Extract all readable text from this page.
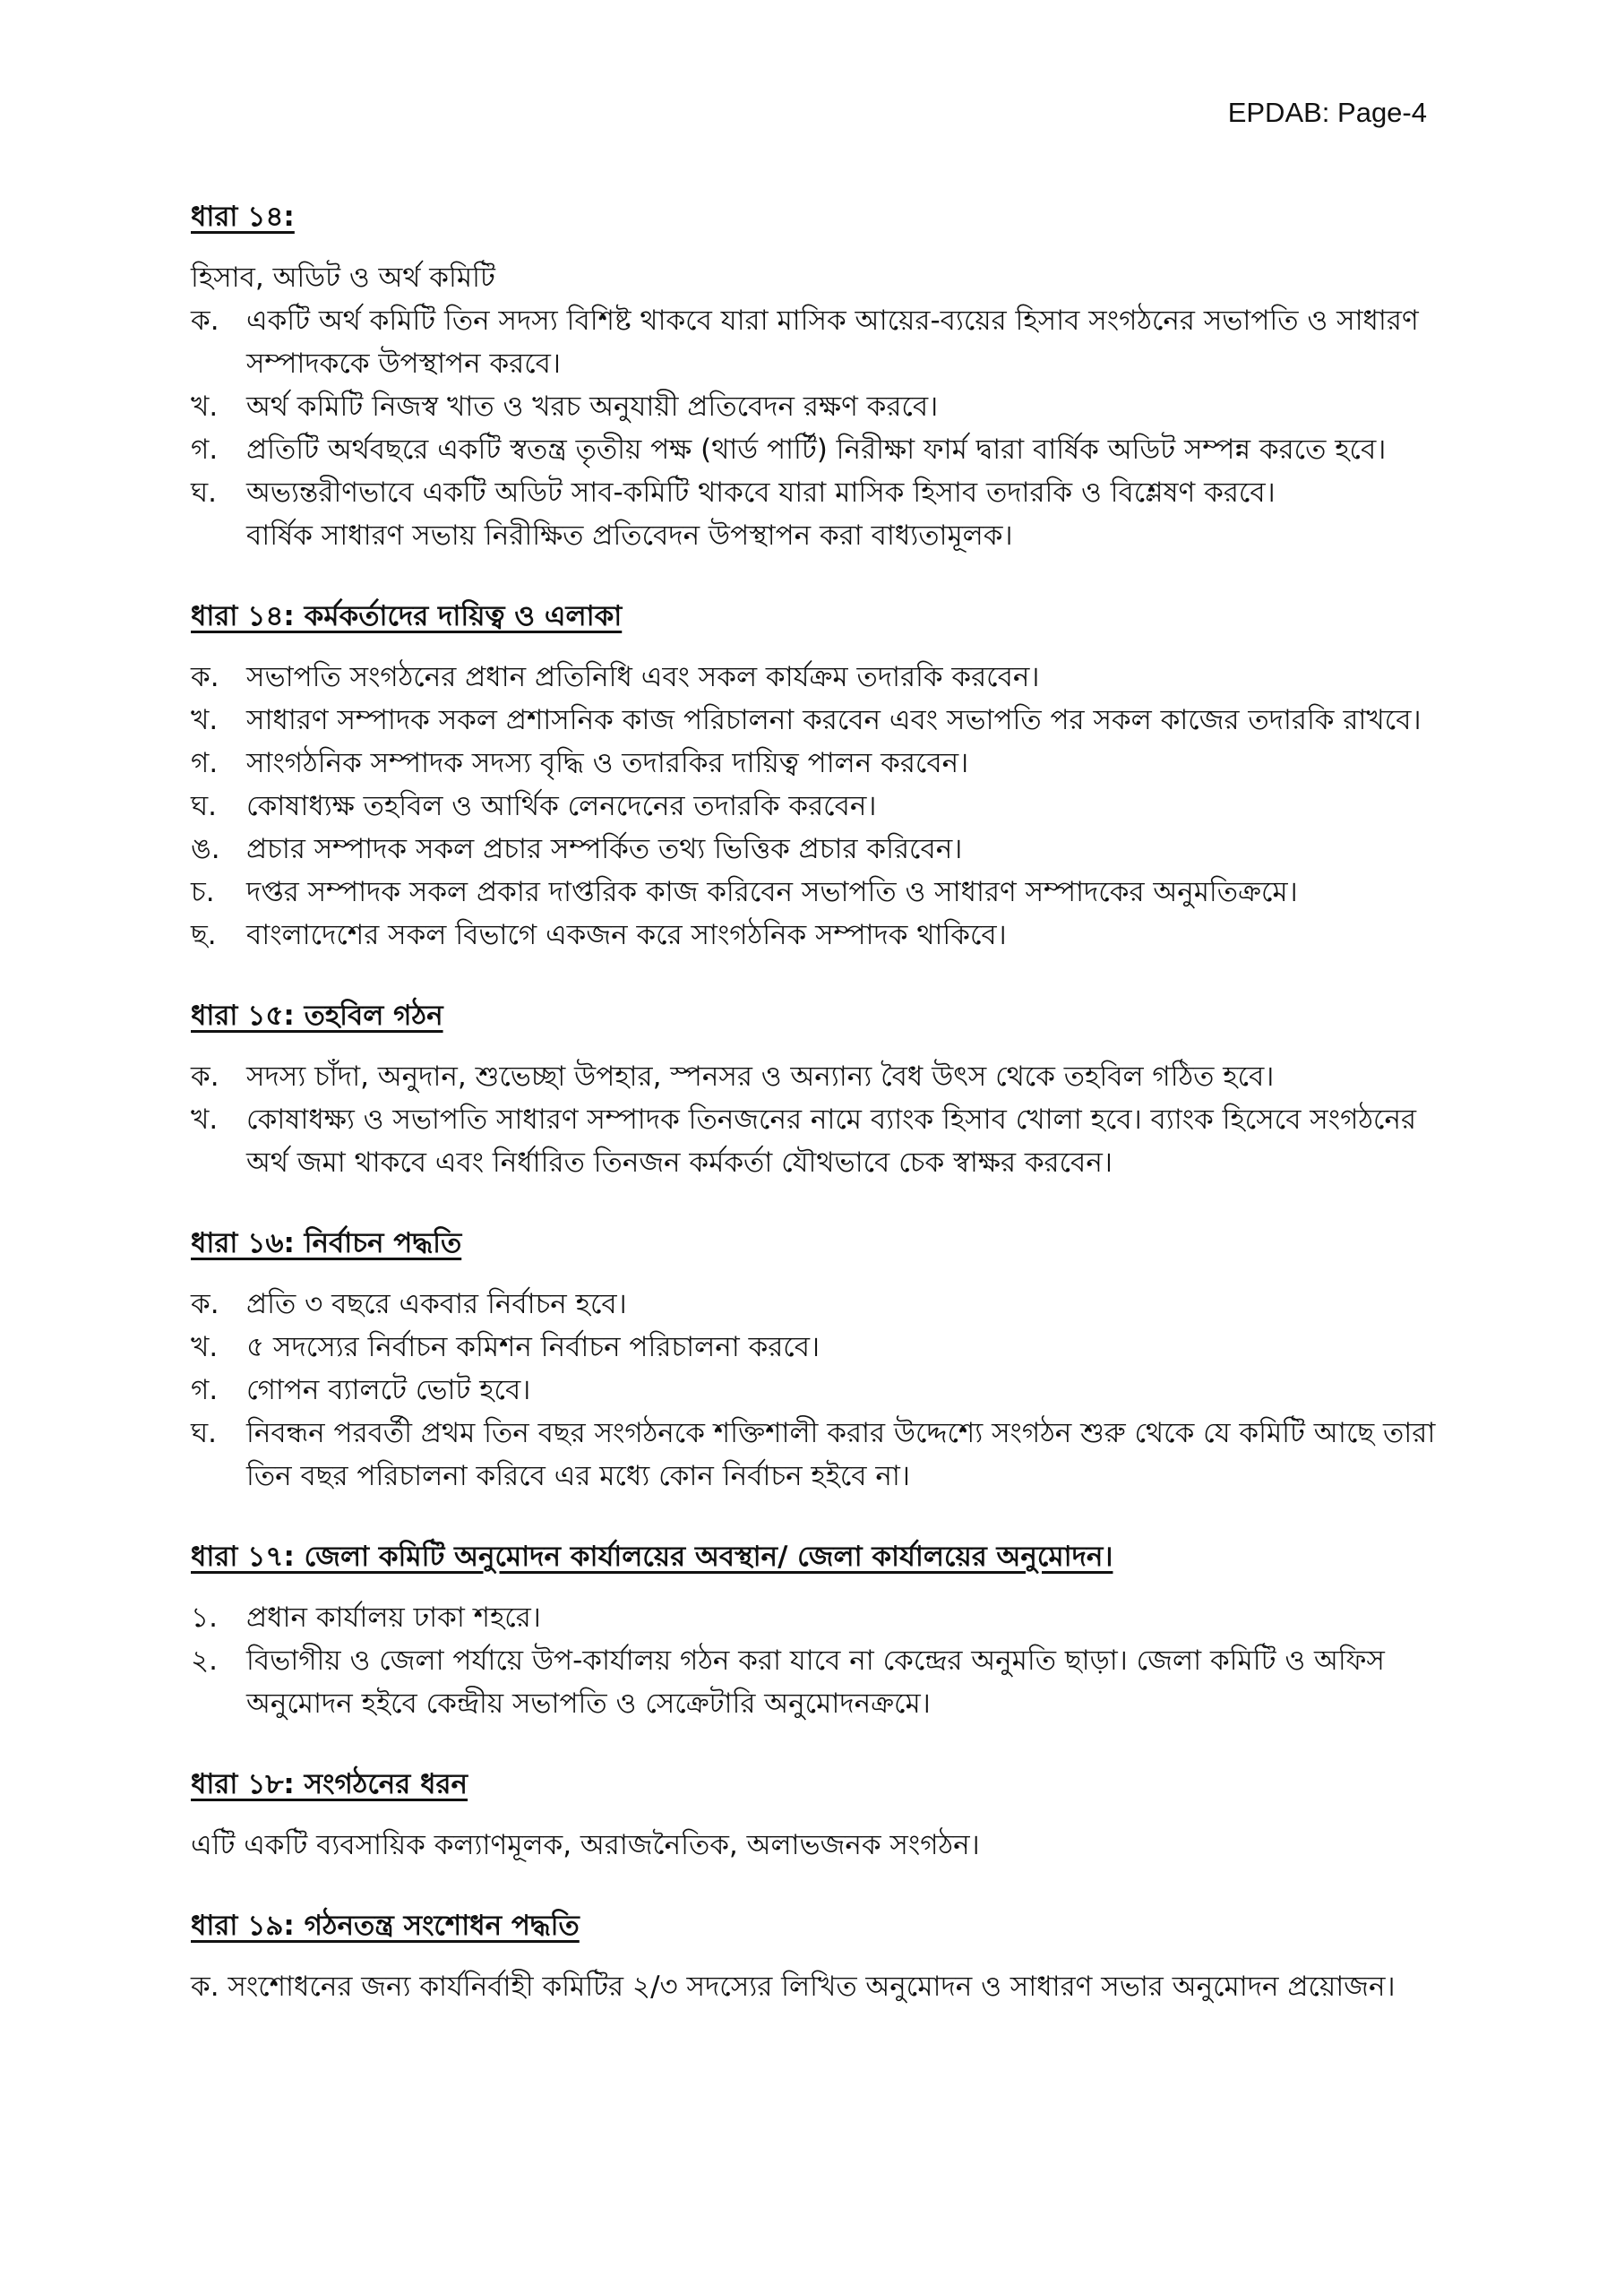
EPDAB: Page-4
ধারা ১৪:

হিসাব, অডিট ও অর্থ কমিটি

ক. একটি অর্থ কমিটি তিন সদস্য বিশিষ্ট থাকবে যারা মাসিক আয়ের-ব্যয়ের হিসাব সংগঠনের সভাপতি ও সাধারণ সম্পাদককে উপস্থাপন করবে।
খ.	অর্থ কমিটি নিজস্ব খাত ও খরচ অনুযায়ী প্রতিবেদন রক্ষণ করবে।
গ.	প্রতিটি অর্থবছরে একটি স্বতন্ত্র তৃতীয় পক্ষ (থার্ড পার্টি) নিরীক্ষা ফার্ম দ্বারা বার্ষিক অডিট সম্পন্ন করতে হবে।
ঘ.	অভ্যন্তরীণভাবে একটি অডিট সাব-কমিটি থাকবে যারা মাসিক হিসাব তদারকি ও বিশ্লেষণ করবে।
বার্ষিক সাধারণ সভায় নিরীক্ষিত প্রতিবেদন উপস্থাপন করা বাধ্যতামূলক।
ধারা ১৪: কর্মকর্তাদের দায়িত্ব ও এলাকা
ক. সভাপতি সংগঠনের প্রধান প্রতিনিধি এবং সকল কার্যক্রম তদারকি করবেন।
খ.	সাধারণ সম্পাদক সকল প্রশাসনিক কাজ পরিচালনা করবেন এবং সভাপতি পর সকল কাজের তদারকি রাখবে।
গ.	সাংগঠনিক সম্পাদক সদস্য বৃদ্ধি ও তদারকির দায়িত্ব পালন করবেন।
ঘ.	কোষাধ্যক্ষ তহবিল ও আর্থিক লেনদেনের তদারকি করবেন।
ঙ. প্রচার সম্পাদক সকল প্রচার সম্পর্কিত তথ্য ভিত্তিক প্রচার করিবেন।
চ.	দপ্তর সম্পাদক সকল প্রকার দাপ্তরিক কাজ করিবেন সভাপতি ও সাধারণ সম্পাদকের অনুমতিক্রমে।
ছ.	বাংলাদেশের সকল বিভাগে একজন করে সাংগঠনিক সম্পাদক থাকিবে।
ধারা ১৫: তহবিল গঠন
ক. সদস্য চাঁদা, অনুদান, শুভেচ্ছা উপহার, স্পনসর ও অন্যান্য বৈধ উৎস থেকে তহবিল গঠিত হবে।
খ.	কোষাধক্ষ্য ও সভাপতি সাধারণ সম্পাদক তিনজনের নামে ব্যাংক হিসাব খোলা হবে। ব্যাংক হিসেবে সংগঠনের অর্থ জমা থাকবে এবং নির্ধারিত তিনজন কর্মকর্তা যৌথভাবে চেক স্বাক্ষর করবেন।
ধারা ১৬: নির্বাচন পদ্ধতি
ক. প্রতি ৩ বছরে একবার নির্বাচন হবে।
খ.	৫ সদস্যের নির্বাচন কমিশন নির্বাচন পরিচালনা করবে।
গ.	গোপন ব্যালটে ভোট হবে।
ঘ.	নিবন্ধন পরবর্তী প্রথম তিন বছর সংগঠনকে শক্তিশালী করার উদ্দেশ্যে সংগঠন শুরু থেকে যে কমিটি আছে তারা তিন বছর পরিচালনা করিবে এর মধ্যে কোন নির্বাচন হইবে না।
ধারা ১৭: জেলা কমিটি অনুমোদন কার্যালয়ের অবস্থান/ জেলা কার্যালয়ের অনুমোদন।
১.	প্রধান কার্যালয় ঢাকা শহরে।
২.	বিভাগীয় ও জেলা পর্যায়ে উপ-কার্যালয় গঠন করা যাবে না কেন্দ্রের অনুমতি ছাড়া। জেলা কমিটি ও অফিস অনুমোদন হইবে কেন্দ্রীয় সভাপতি ও সেক্রেটারি অনুমোদনক্রমে।
ধারা ১৮: সংগঠনের ধরন

এটি একটি ব্যবসায়িক কল্যাণমূলক, অরাজনৈতিক, অলাভজনক সংগঠন।

ধারা ১৯: গঠনতন্ত্র সংশোধন পদ্ধতি

ক. সংশোধনের জন্য কার্যনির্বাহী কমিটির ২/৩ সদস্যের লিখিত অনুমোদন ও সাধারণ সভার অনুমোদন প্রয়োজন।
